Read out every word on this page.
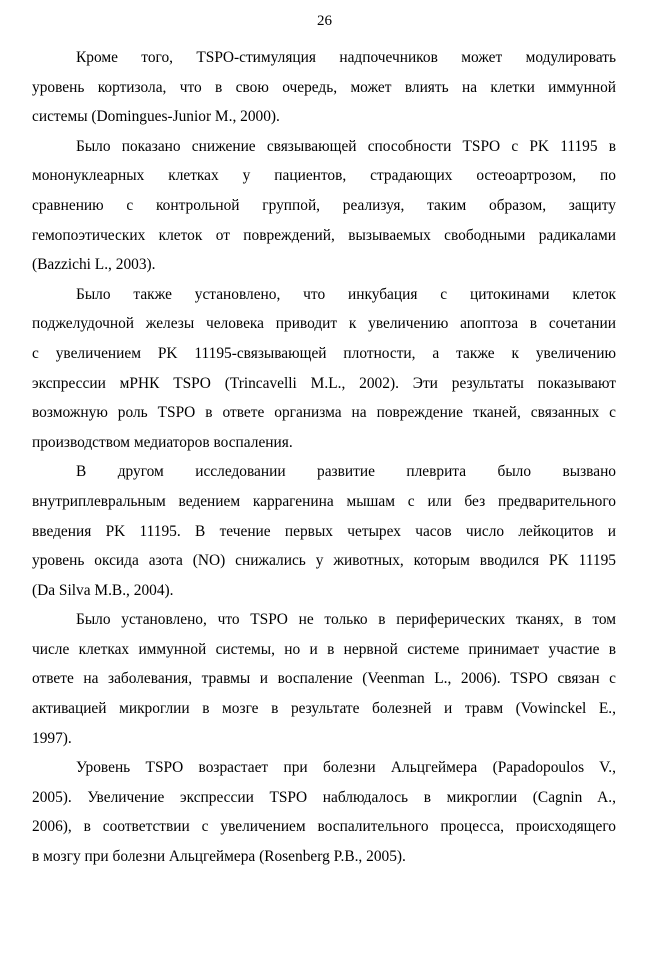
26
Кроме того, TSPO-стимуляция надпочечников может модулировать
уровень кортизола, что в свою очередь, может влиять на клетки иммунной
системы (Domingues-Junior M., 2000).
Было показано снижение связывающей способности TSPO с PK 11195 в
мононуклеарных клетках у пациентов, страдающих остеоартрозом, по
сравнению с контрольной группой, реализуя, таким образом, защиту
гемопоэтических клеток от повреждений, вызываемых свободными радикалами
(Bazzichi L., 2003).
Было также установлено, что инкубация с цитокинами клеток
поджелудочной железы человека приводит к увеличению апоптоза в сочетании
с увеличением PK 11195-связывающей плотности, а также к увеличению
экспрессии мРНК TSPO (Trincavelli M.L., 2002). Эти результаты показывают
возможную роль TSPO в ответе организма на повреждение тканей, связанных с
производством медиаторов воспаления.
В другом исследовании развитие плеврита было вызвано
внутриплевральным ведением каррагенина мышам с или без предварительного
введения PK 11195. В течение первых четырех часов число лейкоцитов и
уровень оксида азота (NO) снижались у животных, которым вводился PK 11195
(Da Silva M.B., 2004).
Было установлено, что TSPO не только в периферических тканях, в том
числе клетках иммунной системы, но и в нервной системе принимает участие в
ответе на заболевания, травмы и воспаление (Veenman L., 2006). TSPO связан с
активацией микроглии в мозге в результате болезней и травм (Vowinckel E.,
1997).
Уровень TSPO возрастает при болезни Альцгеймера (Papadopoulos V.,
2005). Увеличение экспрессии TSPO наблюдалось в микроглии (Cagnin A.,
2006), в соответствии с увеличением воспалительного процесса, происходящего
в мозгу при болезни Альцгеймера (Rosenberg P.B., 2005).
